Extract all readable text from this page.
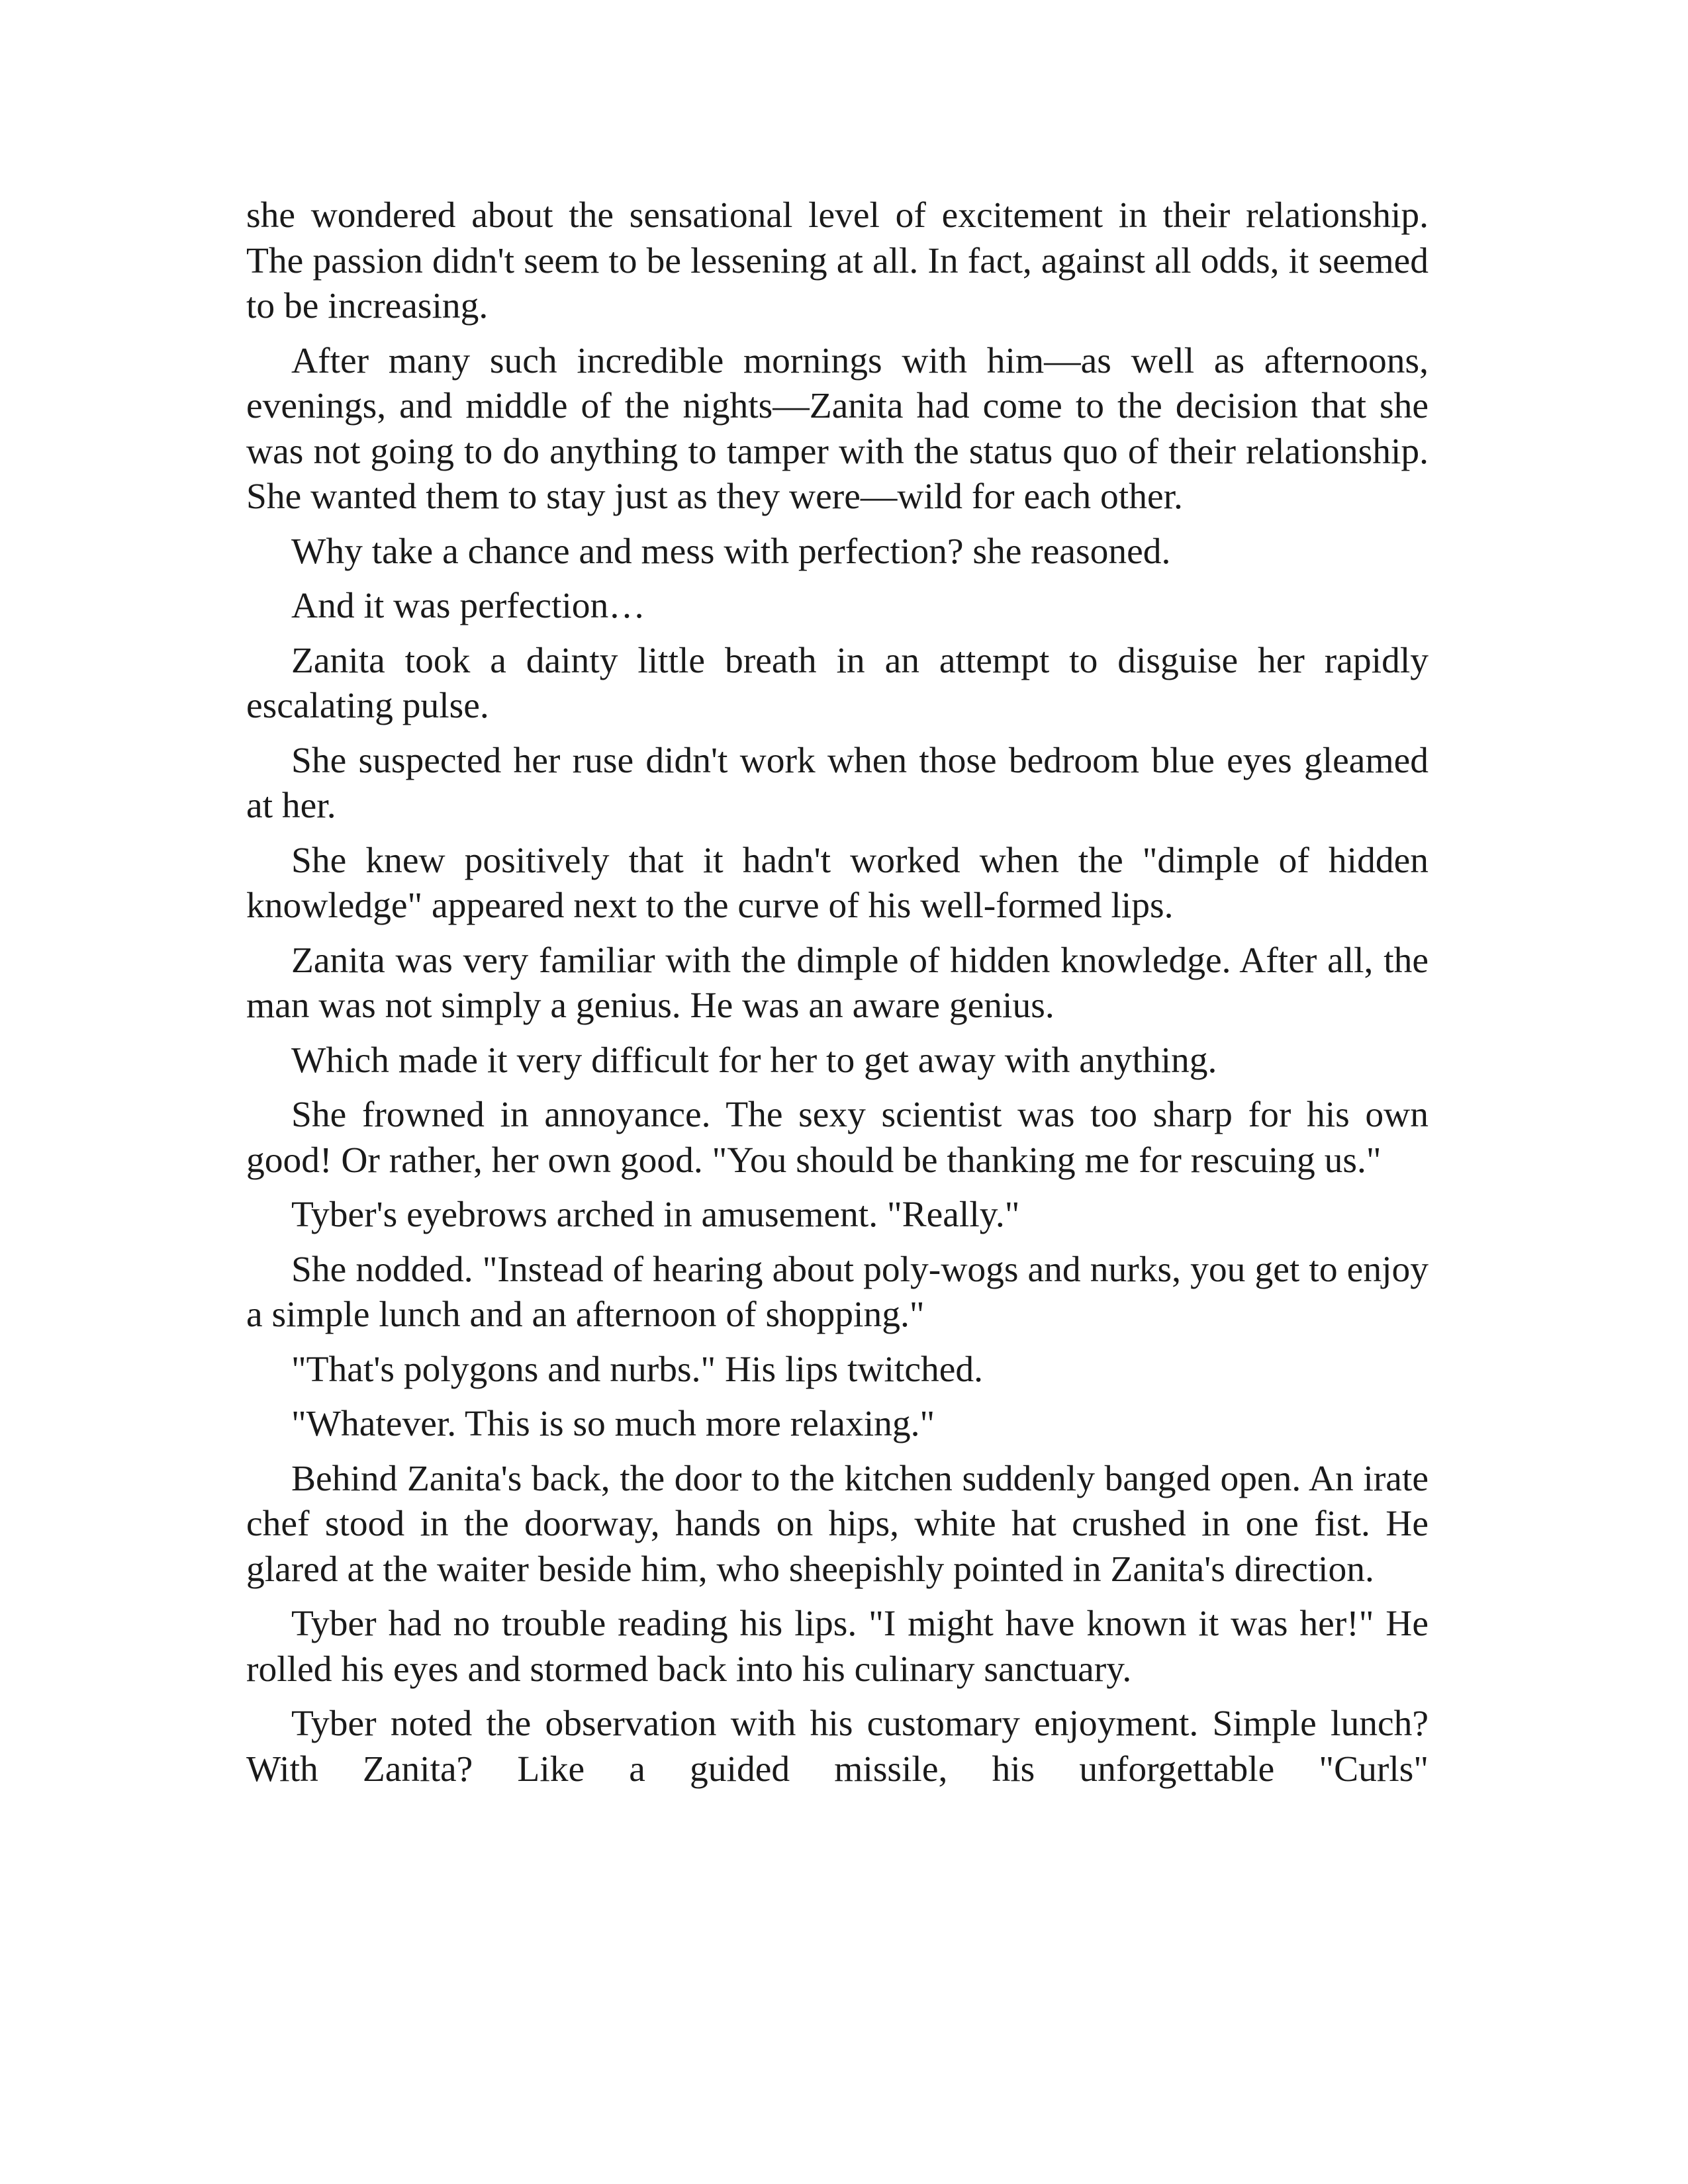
she wondered about the sensational level of excitement in their relationship. The passion didn't seem to be lessening at all. In fact, against all odds, it seemed to be increasing.

After many such incredible mornings with him—as well as afternoons, evenings, and middle of the nights—Zanita had come to the decision that she was not going to do anything to tamper with the status quo of their relationship. She wanted them to stay just as they were—wild for each other.

Why take a chance and mess with perfection? she reasoned.

And it was perfection…

Zanita took a dainty little breath in an attempt to disguise her rapidly escalating pulse.

She suspected her ruse didn't work when those bedroom blue eyes gleamed at her.

She knew positively that it hadn't worked when the "dimple of hidden knowledge" appeared next to the curve of his well-formed lips.

Zanita was very familiar with the dimple of hidden knowledge. After all, the man was not simply a genius. He was an aware genius.

Which made it very difficult for her to get away with anything.

She frowned in annoyance. The sexy scientist was too sharp for his own good! Or rather, her own good. "You should be thanking me for rescuing us."

Tyber's eyebrows arched in amusement. "Really."

She nodded. "Instead of hearing about poly-wogs and nurks, you get to enjoy a simple lunch and an afternoon of shopping."

"That's polygons and nurbs." His lips twitched.

"Whatever. This is so much more relaxing."

Behind Zanita's back, the door to the kitchen suddenly banged open. An irate chef stood in the doorway, hands on hips, white hat crushed in one fist. He glared at the waiter beside him, who sheepishly pointed in Zanita's direction.

Tyber had no trouble reading his lips. "I might have known it was her!" He rolled his eyes and stormed back into his culinary sanctuary.

Tyber noted the observation with his customary enjoyment. Simple lunch? With Zanita? Like a guided missile, his unforgettable "Curls"
